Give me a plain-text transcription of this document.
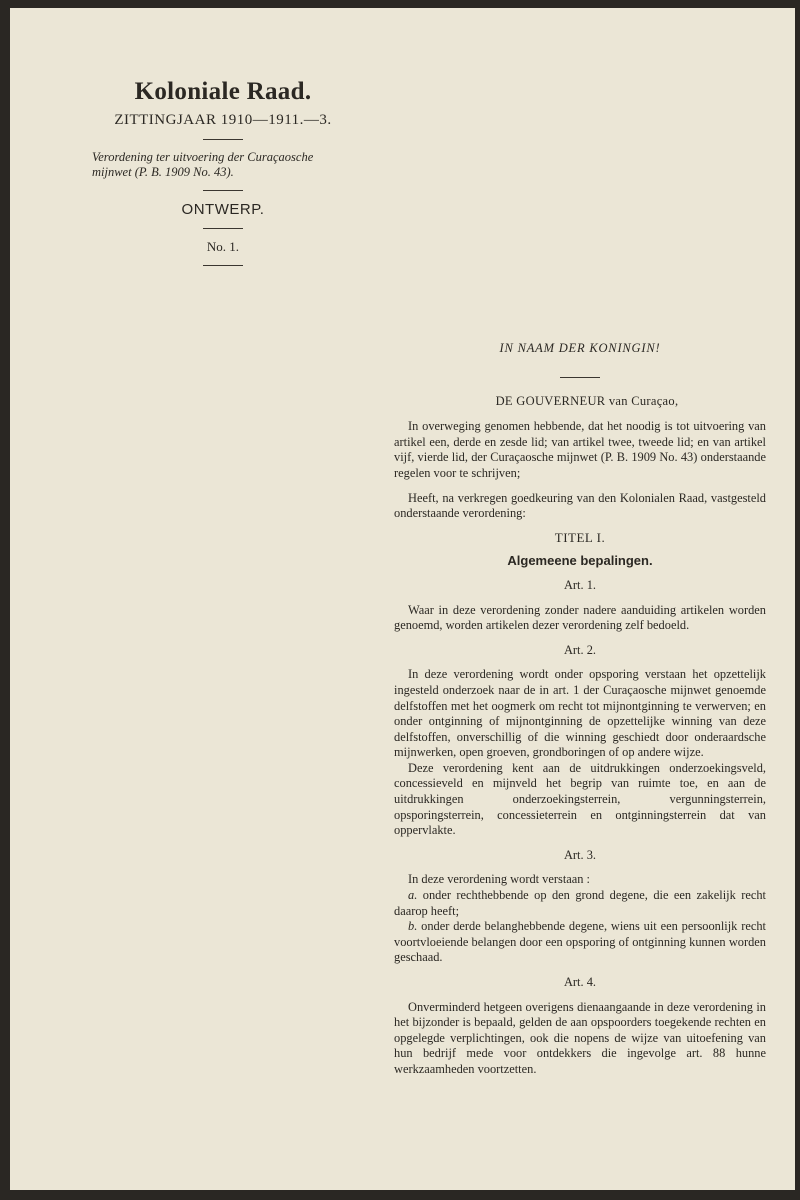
Koloniale Raad.

ZITTINGJAAR 1910—1911.—3.

Verordening ter uitvoering der Curaçaosche
mijnwet (P. B. 1909 No. 43).

ONTWERP.

No. 1.

IN NAAM DER KONINGIN!

DE GOUVERNEUR van Curaçao,

In overweging genomen hebbende, dat het noodig is tot uitvoering van artikel een, derde en zesde lid; van artikel twee, tweede lid; en van artikel vijf, vierde lid, der Curaçaosche mijnwet (P. B. 1909 No. 43) onderstaande regelen voor te schrijven;

Heeft, na verkregen goedkeuring van den Kolonialen Raad, vastgesteld onderstaande verordening:

TITEL I.

Algemeene bepalingen.

Art. 1.

Waar in deze verordening zonder nadere aanduiding artikelen worden genoemd, worden artikelen dezer verordening zelf bedoeld.

Art. 2.

In deze verordening wordt onder opsporing verstaan het opzettelijk ingesteld onderzoek naar de in art. 1 der Curaçaosche mijnwet genoemde delfstoffen met het oogmerk om recht tot mijnontginning te verwerven; en onder ontginning of mijnontginning de opzettelijke winning van deze delfstoffen, onverschillig of die winning geschiedt door onderaardsche mijnwerken, open groeven, grondboringen of op andere wijze.

Deze verordening kent aan de uitdrukkingen onderzoekingsveld, concessieveld en mijnveld het begrip van ruimte toe, en aan de uitdrukkingen onderzoekingsterrein, vergunningsterrein, opsporingsterrein, concessieterrein en ontginningsterrein dat van oppervlakte.

Art. 3.

In deze verordening wordt verstaan :

a. onder rechthebbende op den grond degene, die een zakelijk recht daarop heeft;

b. onder derde belanghebbende degene, wiens uit een persoonlijk recht voortvloeiende belangen door een opsporing of ontginning kunnen worden geschaad.

Art. 4.

Onverminderd hetgeen overigens dienaangaande in deze verordening in het bijzonder is bepaald, gelden de aan opspoorders toegekende rechten en opgelegde verplichtingen, ook die nopens de wijze van uitoefening van hun bedrijf mede voor ontdekkers die ingevolge art. 88 hunne werkzaamheden voortzetten.
